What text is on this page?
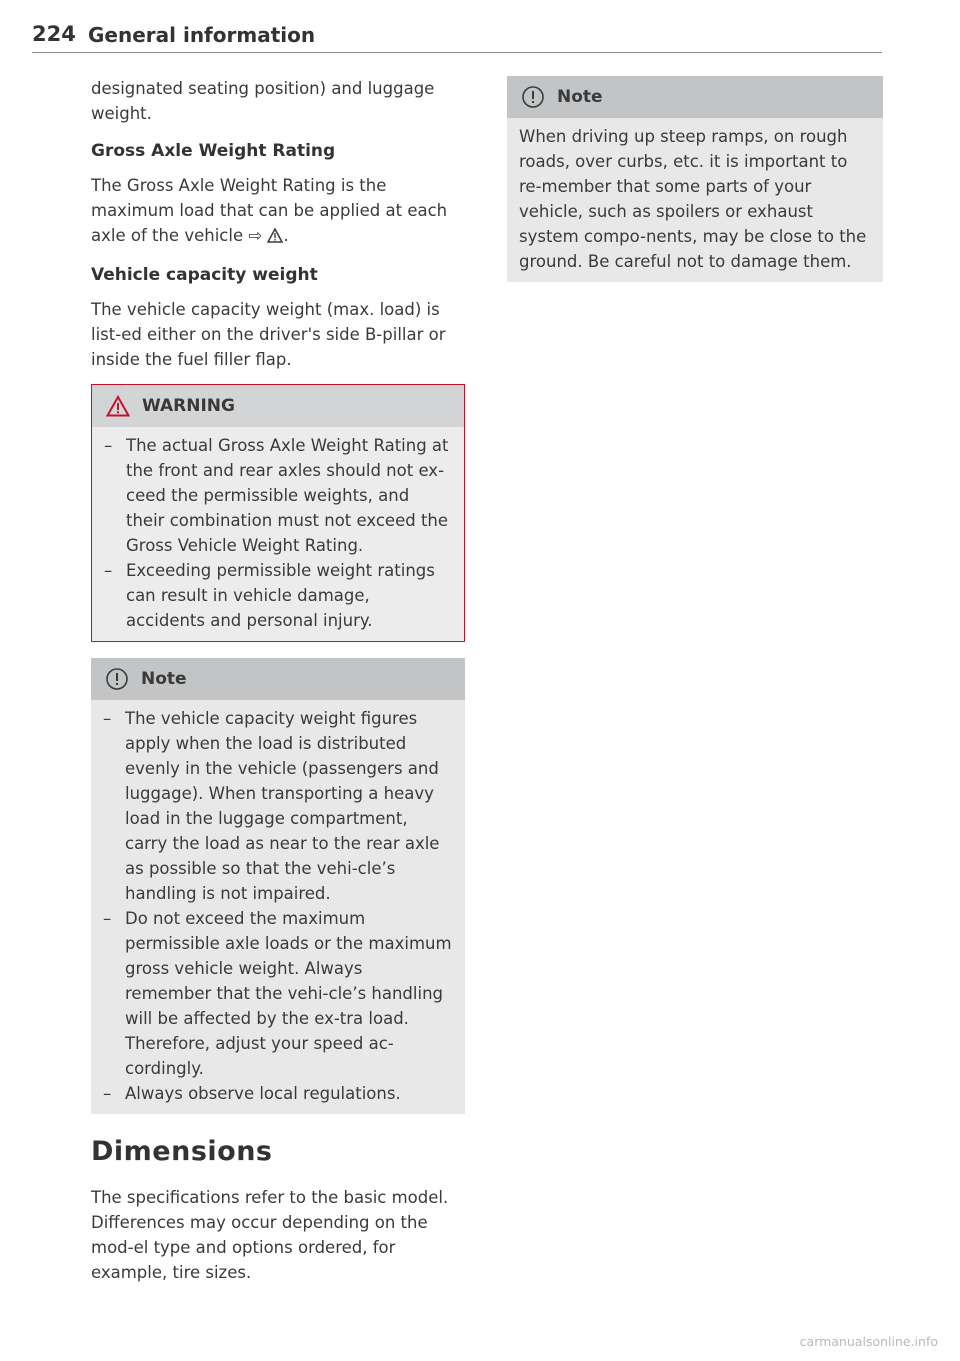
224 General information

designated seating position) and luggage weight.

Gross Axle Weight Rating

The Gross Axle Weight Rating is the maximum load that can be applied at each axle of the vehicle ⇨ .

Vehicle capacity weight

The vehicle capacity weight (max. load) is list-ed either on the driver's side B-pillar or inside the fuel filler flap.

WARNING
– The actual Gross Axle Weight Rating at the front and rear axles should not ex-ceed the permissible weights, and their combination must not exceed the Gross Vehicle Weight Rating.
– Exceeding permissible weight ratings can result in vehicle damage, accidents and personal injury.
Note
– The vehicle capacity weight figures apply when the load is distributed evenly in the vehicle (passengers and luggage). When transporting a heavy load in the luggage compartment, carry the load as near to the rear axle as possible so that the vehi-cle’s handling is not impaired.
– Do not exceed the maximum permissible axle loads or the maximum gross vehicle weight. Always remember that the vehi-cle’s handling will be affected by the ex-tra load. Therefore, adjust your speed ac-cordingly.
– Always observe local regulations.
Dimensions

The specifications refer to the basic model. Differences may occur depending on the mod-el type and options ordered, for example, tire sizes.

Note

When driving up steep ramps, on rough roads, over curbs, etc. it is important to re-member that some parts of your vehicle, such as spoilers or exhaust system compo-nents, may be close to the ground. Be careful not to damage them.

carmanualsonline.info
